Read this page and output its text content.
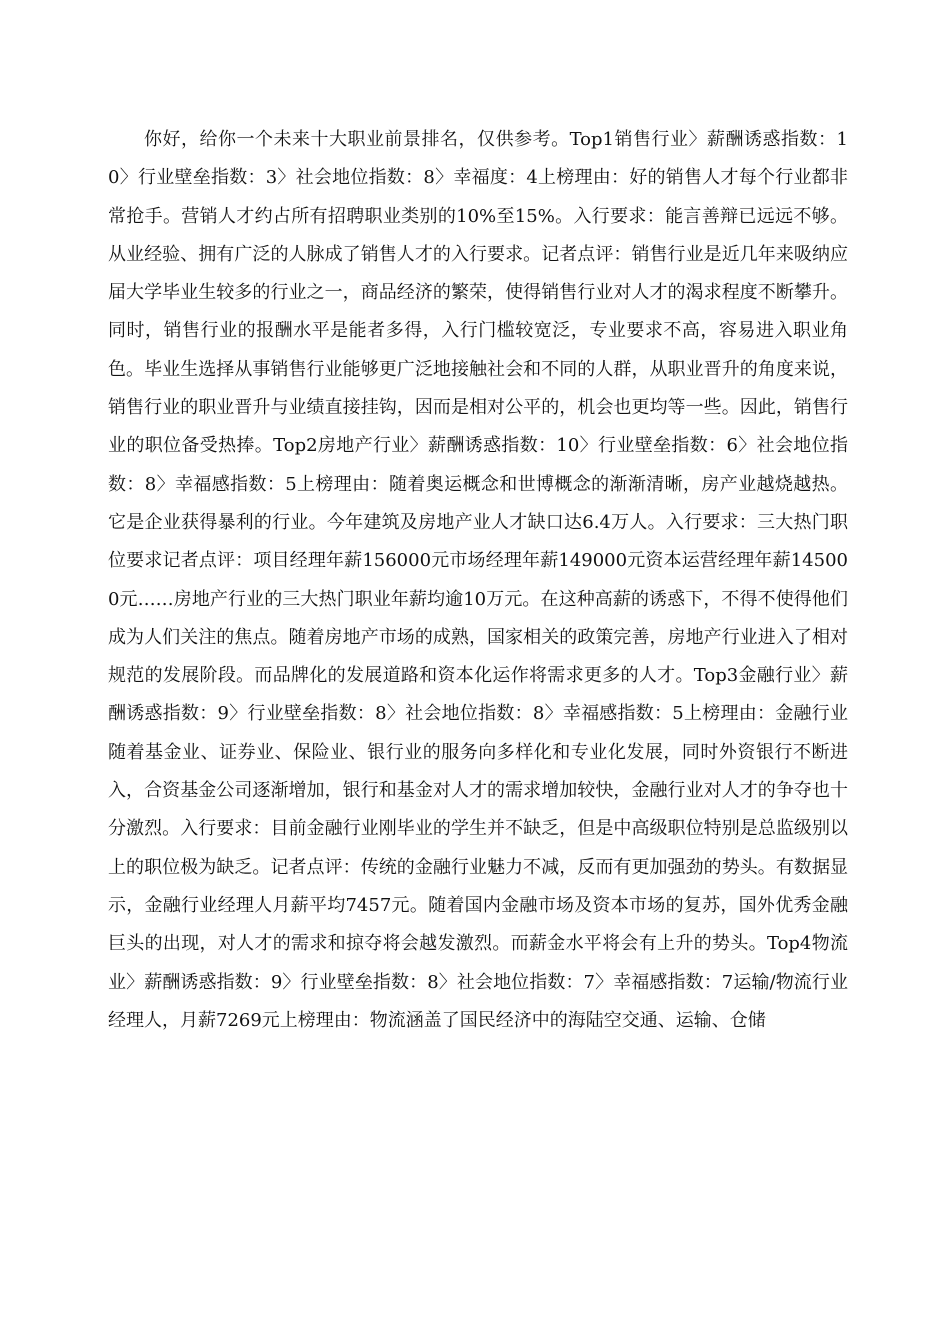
你好，给你一个未来十大职业前景排名，仅供参考。Top1销售行业〉薪酬诱惑指数：10〉行业壁垒指数：3〉社会地位指数：8〉幸福度：4上榜理由：好的销售人才每个行业都非常抢手。营销人才约占所有招聘职业类别的10%至15%。入行要求：能言善辩已远远不够。从业经验、拥有广泛的人脉成了销售人才的入行要求。记者点评：销售行业是近几年来吸纳应届大学毕业生较多的行业之一，商品经济的繁荣，使得销售行业对人才的渴求程度不断攀升。同时，销售行业的报酬水平是能者多得，入行门槛较宽泛，专业要求不高，容易进入职业角色。毕业生选择从事销售行业能够更广泛地接触社会和不同的人群，从职业晋升的角度来说，销售行业的职业晋升与业绩直接挂钩，因而是相对公平的，机会也更均等一些。因此，销售行业的职位备受热捧。Top2房地产行业〉薪酬诱惑指数：10〉行业壁垒指数：6〉社会地位指数：8〉幸福感指数：5上榜理由：随着奥运概念和世博概念的渐渐清晰，房产业越烧越热。它是企业获得暴利的行业。今年建筑及房地产业人才缺口达6.4万人。入行要求：三大热门职位要求记者点评：项目经理年薪156000元市场经理年薪149000元资本运营经理年薪145000元……房地产行业的三大热门职业年薪均逾10万元。在这种高薪的诱惑下，不得不使得他们成为人们关注的焦点。随着房地产市场的成熟，国家相关的政策完善，房地产行业进入了相对规范的发展阶段。而品牌化的发展道路和资本化运作将需求更多的人才。Top3金融行业〉薪酬诱惑指数：9〉行业壁垒指数：8〉社会地位指数：8〉幸福感指数：5上榜理由：金融行业随着基金业、证券业、保险业、银行业的服务向多样化和专业化发展，同时外资银行不断进入，合资基金公司逐渐增加，银行和基金对人才的需求增加较快，金融行业对人才的争夺也十分激烈。入行要求：目前金融行业刚毕业的学生并不缺乏，但是中高级职位特别是总监级别以上的职位极为缺乏。记者点评：传统的金融行业魅力不减，反而有更加强劲的势头。有数据显示，金融行业经理人月薪平均7457元。随着国内金融市场及资本市场的复苏，国外优秀金融巨头的出现，对人才的需求和掠夺将会越发激烈。而薪金水平将会有上升的势头。Top4物流业〉薪酬诱惑指数：9〉行业壁垒指数：8〉社会地位指数：7〉幸福感指数：7运输/物流行业经理人，月薪7269元上榜理由：物流涵盖了国民经济中的海陆空交通、运输、仓储
